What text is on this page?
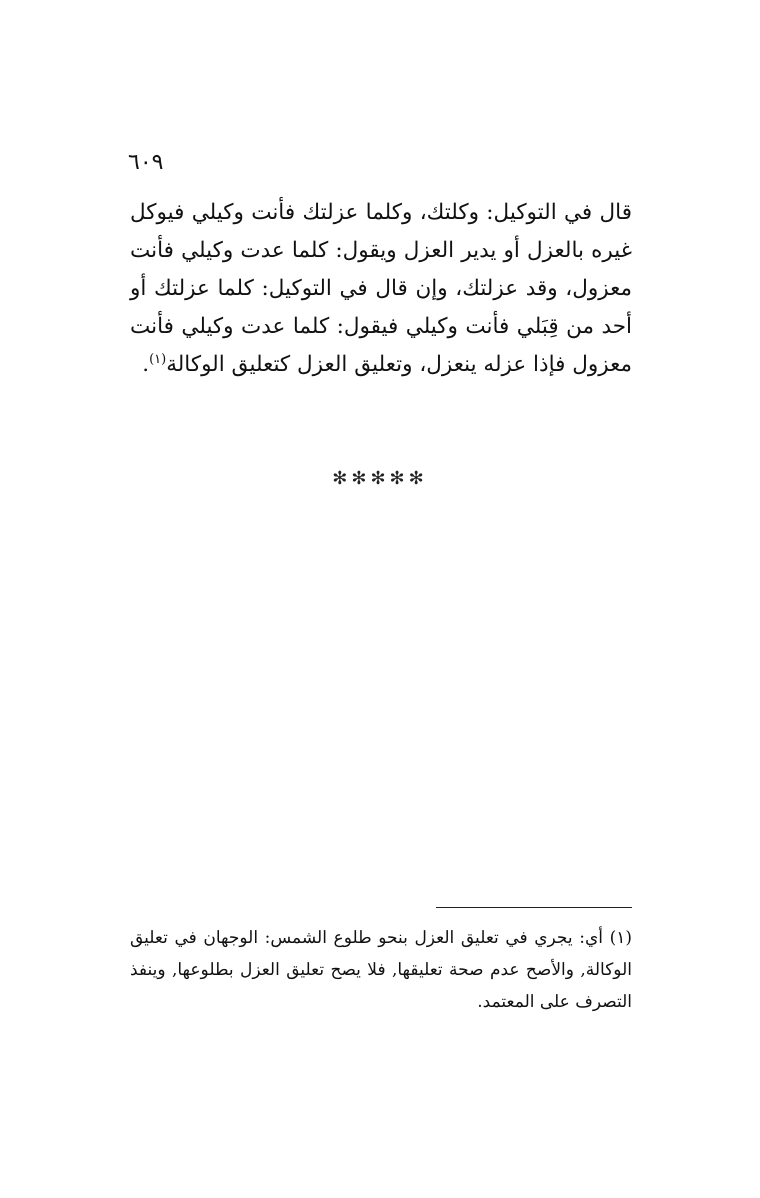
٦٠٩
قال في التوكيل: وكلتك، وكلما عزلتك فأنت وكيلي فيوكل غيره بالعزل أو يدير العزل ويقول: كلما عدت وكيلي فأنت معزول، وقد عزلتك، وإن قال في التوكيل: كلما عزلتك أو أحد من قِبَلي فأنت وكيلي فيقول: كلما عدت وكيلي فأنت معزول فإذا عزله ينعزل، وتعليق العزل كتعليق الوكالة$^{(١)}$.
✻✻✻✻✻
(١) أي: يجري في تعليق العزل بنحو طلوع الشمس: الوجهان في تعليق الوكالة, والأصح عدم صحة تعليقها, فلا يصح تعليق العزل بطلوعها, وينفذ التصرف على المعتمد.
